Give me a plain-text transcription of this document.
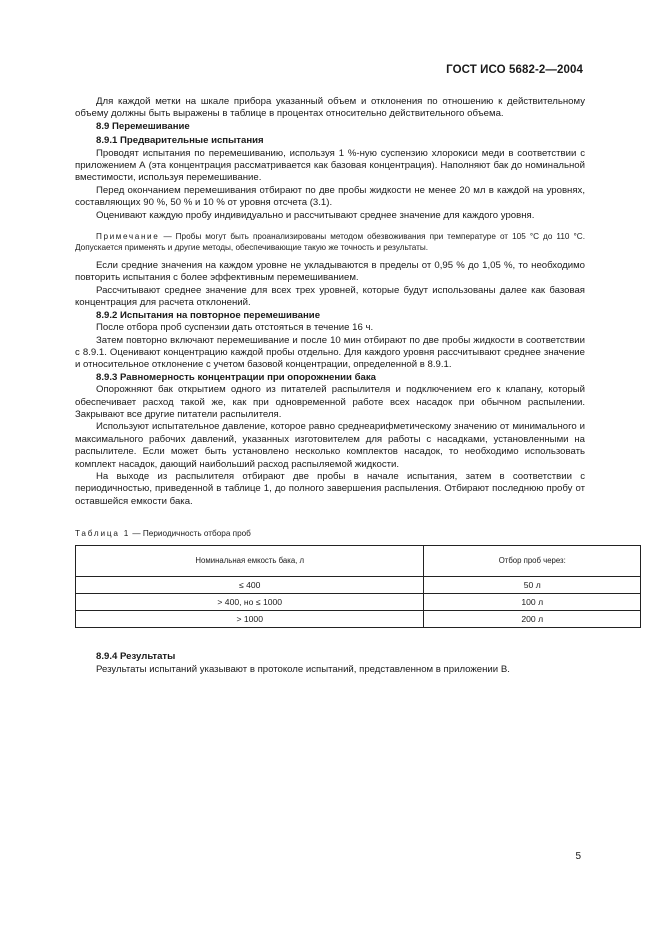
ГОСТ ИСО 5682-2—2004

Для каждой метки на шкале прибора указанный объем и отклонения по отношению к действительному объему должны быть выражены в таблице в процентах относительно действительного объема.

8.9 Перемешивание

8.9.1 Предварительные испытания

Проводят испытания по перемешиванию, используя 1 %-ную суспензию хлорокиси меди в соответствии с приложением А (эта концентрация рассматривается как базовая концентрация). Наполняют бак до номинальной вместимости, используя перемешивание.

Перед окончанием перемешивания отбирают по две пробы жидкости не менее 20 мл в каждой на уровнях, составляющих 90 %, 50 % и 10 % от уровня отсчета (3.1).

Оценивают каждую пробу индивидуально и рассчитывают среднее значение для каждого уровня.

Примечание — Пробы могут быть проанализированы методом обезвоживания при температуре от 105 °С до 110 °С. Допускается применять и другие методы, обеспечивающие такую же точность и результаты.

Если средние значения на каждом уровне не укладываются в пределы от 0,95 % до 1,05 %, то необходимо повторить испытания с более эффективным перемешиванием.

Рассчитывают среднее значение для всех трех уровней, которые будут использованы далее как базовая концентрация для расчета отклонений.

8.9.2 Испытания на повторное перемешивание

После отбора проб суспензии дать отстояться в течение 16 ч.

Затем повторно включают перемешивание и после 10 мин отбирают по две пробы жидкости в соответствии с 8.9.1. Оценивают концентрацию каждой пробы отдельно. Для каждого уровня рассчитывают среднее значение и относительное отклонение с учетом базовой концентрации, определенной в 8.9.1.

8.9.3 Равномерность концентрации при опорожнении бака

Опорожняют бак открытием одного из питателей распылителя и подключением его к клапану, который обеспечивает расход такой же, как при одновременной работе всех насадок при обычном распылении. Закрывают все другие питатели распылителя.

Используют испытательное давление, которое равно среднеарифметическому значению от минимального и максимального рабочих давлений, указанных изготовителем для работы с насадками, установленными на распылителе. Если может быть установлено несколько комплектов насадок, то необходимо использовать комплект насадок, дающий наибольший расход распыляемой жидкости.

На выходе из распылителя отбирают две пробы в начале испытания, затем в соответствии с периодичностью, приведенной в таблице 1, до полного завершения распыления. Отбирают последнюю пробу от оставшейся емкости бака.

Таблица 1 — Периодичность отбора проб
Номинальная емкость бака, л	Отбор проб через:
≤ 400	50 л
> 400, но ≤ 1000	100 л
> 1000	200 л

8.9.4 Результаты

Результаты испытаний указывают в протоколе испытаний, представленном в приложении В.

5
